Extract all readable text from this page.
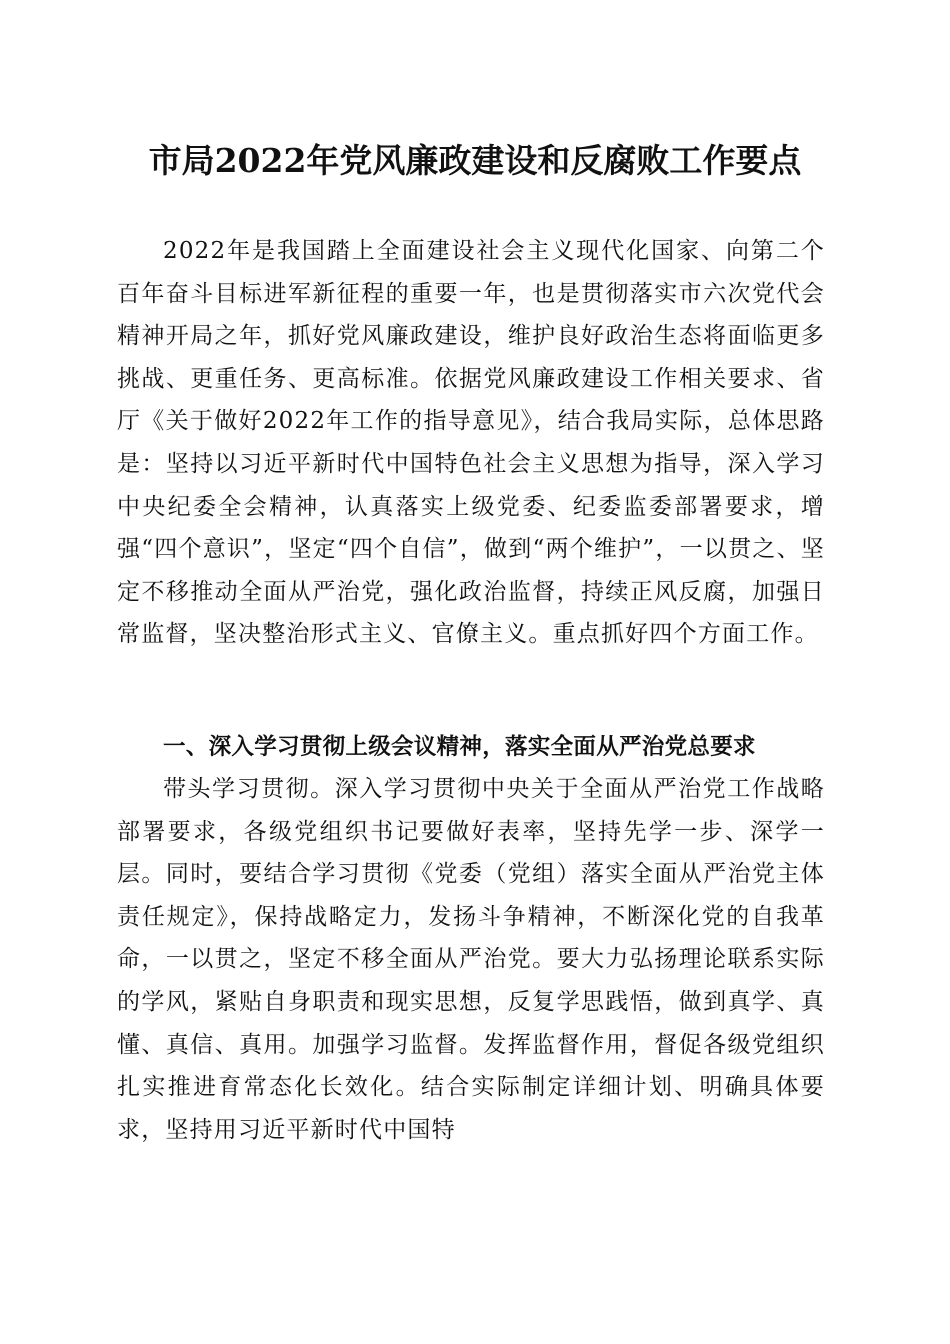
市局2022年党风廉政建设和反腐败工作要点

2022年是我国踏上全面建设社会主义现代化国家、向第二个百年奋斗目标进军新征程的重要一年，也是贯彻落实市六次党代会精神开局之年，抓好党风廉政建设，维护良好政治生态将面临更多挑战、更重任务、更高标准。依据党风廉政建设工作相关要求、省厅《关于做好2022年工作的指导意见》，结合我局实际，总体思路是：坚持以习近平新时代中国特色社会主义思想为指导，深入学习中央纪委全会精神，认真落实上级党委、纪委监委部署要求，增强“四个意识”，坚定“四个自信”，做到“两个维护”，一以贯之、坚定不移推动全面从严治党，强化政治监督，持续正风反腐，加强日常监督，坚决整治形式主义、官僚主义。重点抓好四个方面工作。

一、深入学习贯彻上级会议精神，落实全面从严治党总要求

带头学习贯彻。深入学习贯彻中央关于全面从严治党工作战略部署要求，各级党组织书记要做好表率，坚持先学一步、深学一层。同时，要结合学习贯彻《党委（党组）落实全面从严治党主体责任规定》，保持战略定力，发扬斗争精神，不断深化党的自我革命，一以贯之，坚定不移全面从严治党。要大力弘扬理论联系实际的学风，紧贴自身职责和现实思想，反复学思践悟，做到真学、真懂、真信、真用。加强学习监督。发挥监督作用，督促各级党组织扎实推进育常态化长效化。结合实际制定详细计划、明确具体要求，坚持用习近平新时代中国特
